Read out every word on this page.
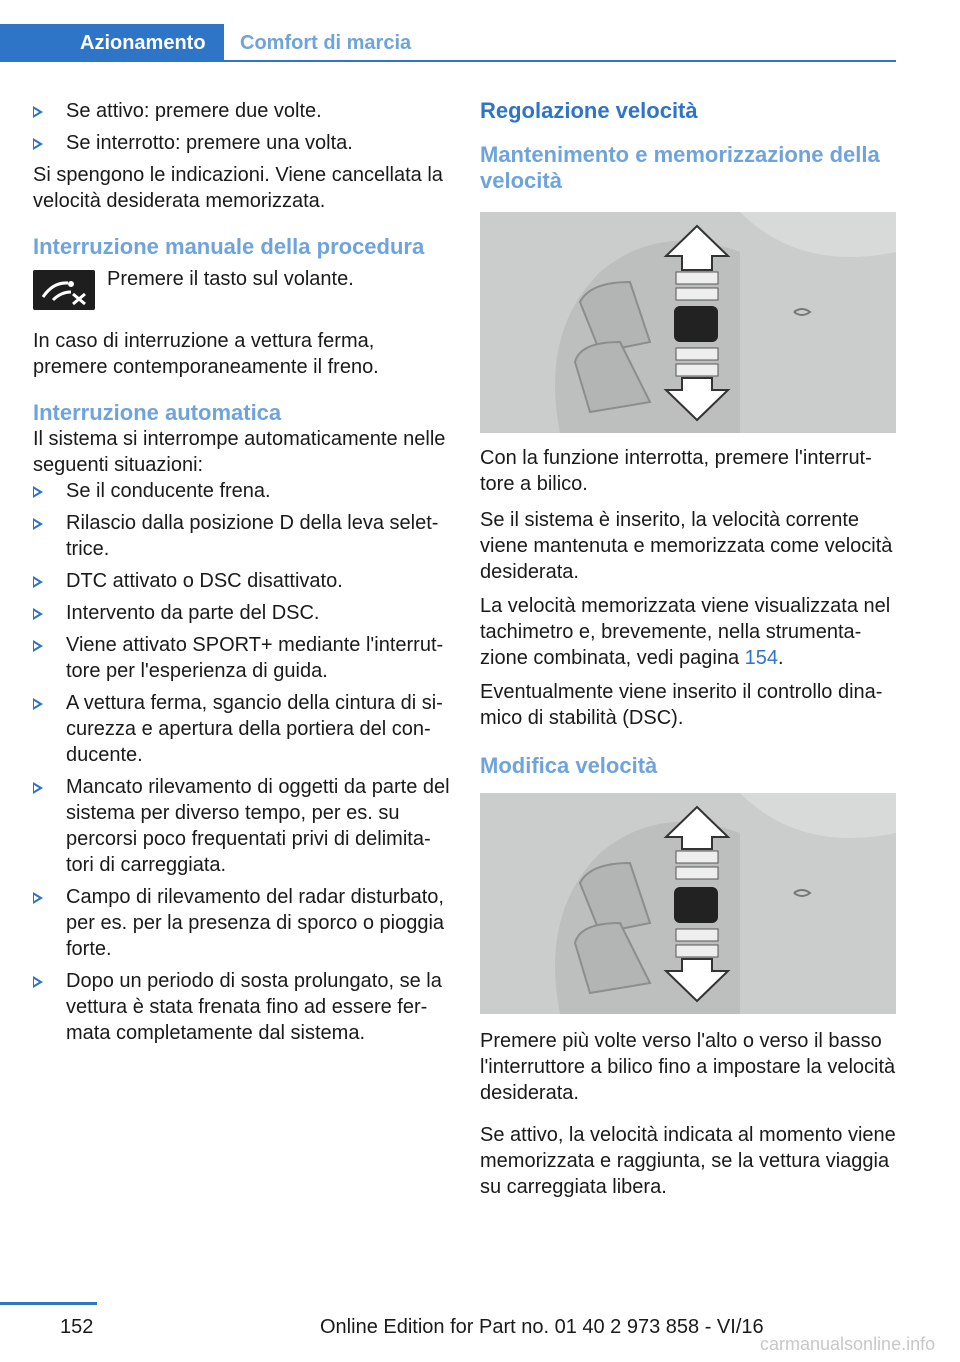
Azionamento	Comfort di marcia
Se attivo: premere due volte.
Se interrotto: premere una volta.

Si spengono le indicazioni. Viene cancellata la velocità desiderata memorizzata.

Interruzione manuale della procedura

Premere il tasto sul volante.

In caso di interruzione a vettura ferma, premere contemporaneamente il freno.

Interruzione automatica

Il sistema si interrompe automaticamente nelle seguenti situazioni:

Se il conducente frena.
Rilascio dalla posizione D della leva selet-trice.
DTC attivato o DSC disattivato.
Intervento da parte del DSC.
Viene attivato SPORT+ mediante l'interrut-tore per l'esperienza di guida.
A vettura ferma, sgancio della cintura di si-curezza e apertura della portiera del con-ducente.
Mancato rilevamento di oggetti da parte del sistema per diverso tempo, per es. su percorsi poco frequentati privi di delimita-tori di carreggiata.
Campo di rilevamento del radar disturbato, per es. per la presenza di sporco o pioggia forte.
Dopo un periodo di sosta prolungato, se la vettura è stata frenata fino ad essere fer-mata completamente dal sistema.

Regolazione velocità

Mantenimento e memorizzazione della velocità

Con la funzione interrotta, premere l'interrut-tore a bilico.

Se il sistema è inserito, la velocità corrente viene mantenuta e memorizzata come velocità desiderata.

La velocità memorizzata viene visualizzata nel tachimetro e, brevemente, nella strumenta-zione combinata, vedi pagina 154.

Eventualmente viene inserito il controllo dina-mico di stabilità (DSC).

Modifica velocità

Premere più volte verso l'alto o verso il basso l'interruttore a bilico fino a impostare la velocità desiderata.

Se attivo, la velocità indicata al momento viene memorizzata e raggiunta, se la vettura viaggia su carreggiata libera.

152	Online Edition for Part no. 01 40 2 973 858 - VI/16
carmanualsonline.info
